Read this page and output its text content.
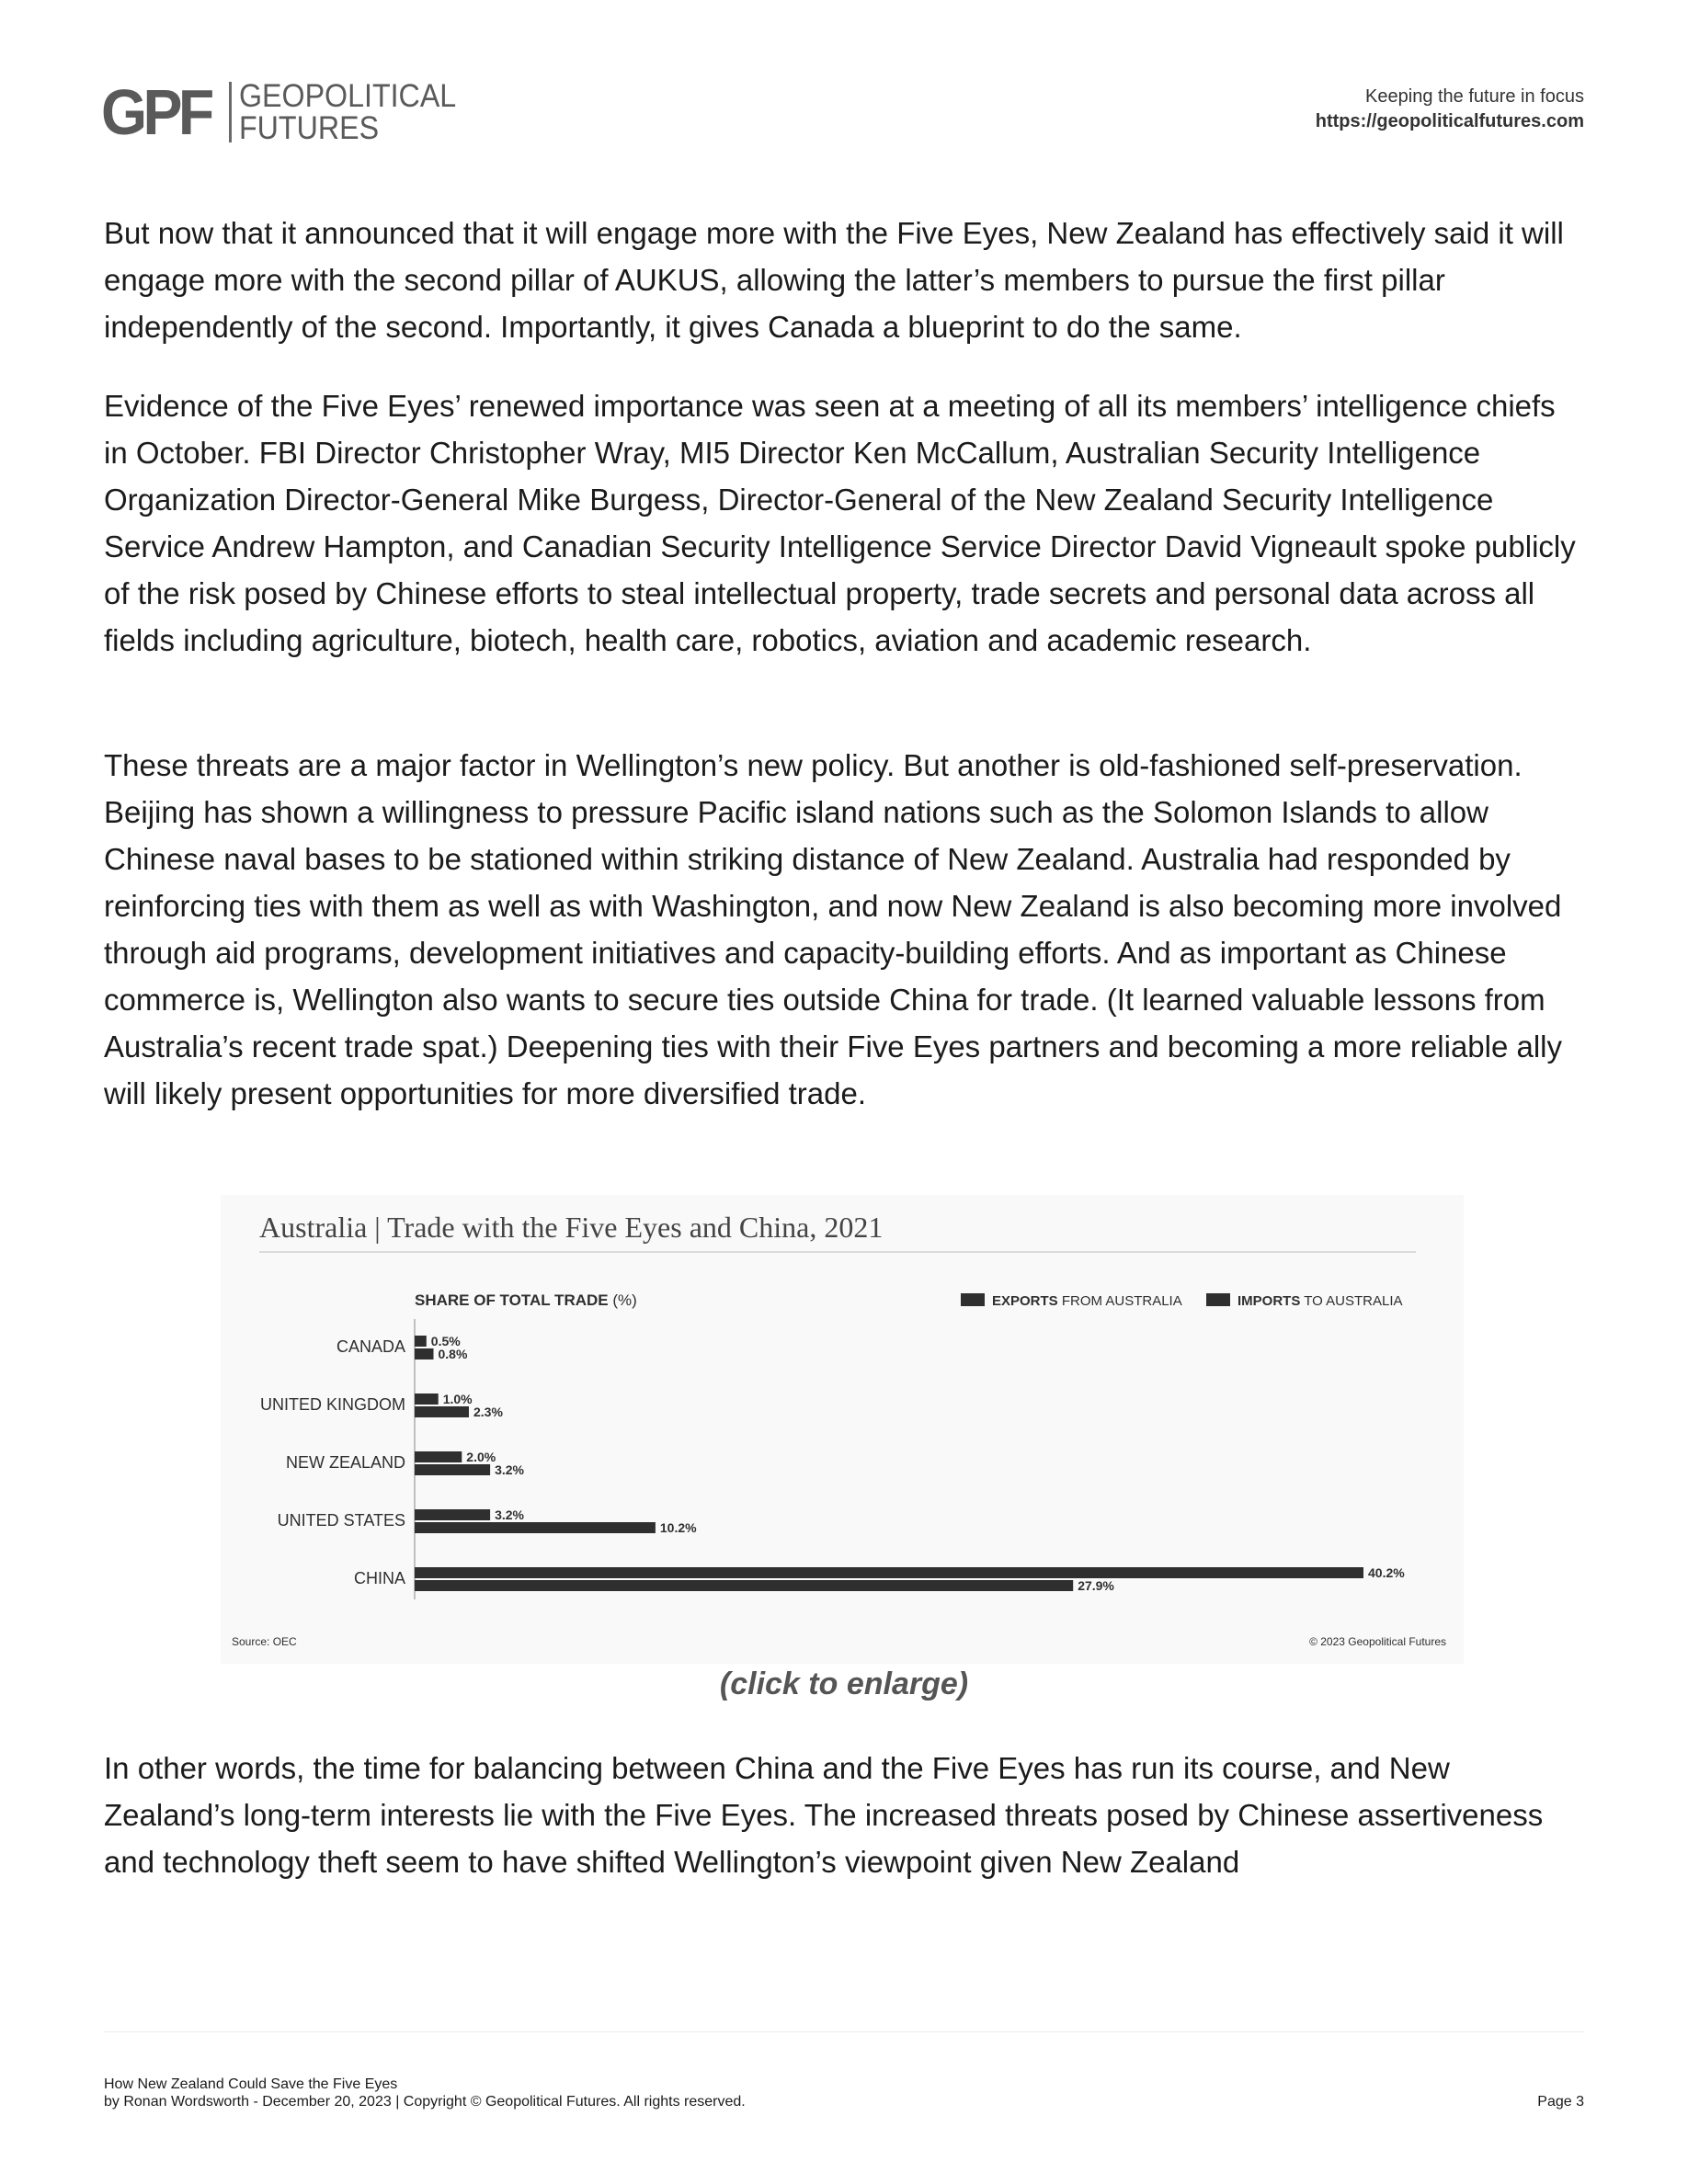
GPF GEOPOLITICAL
FUTURES
Keeping the future in focus
https://geopoliticalfutures.com

But now that it announced that it will engage more with the Five Eyes, New Zealand has effectively said it will engage more with the second pillar of AUKUS, allowing the latter’s members to pursue the first pillar independently of the second. Importantly, it gives Canada a blueprint to do the same.

Evidence of the Five Eyes’ renewed importance was seen at a meeting of all its members’ intelligence chiefs in October. FBI Director Christopher Wray, MI5 Director Ken McCallum, Australian Security Intelligence Organization Director-General Mike Burgess, Director-General of the New Zealand Security Intelligence Service Andrew Hampton, and Canadian Security Intelligence Service Director David Vigneault spoke publicly of the risk posed by Chinese efforts to steal intellectual property, trade secrets and personal data across all fields including agriculture, biotech, health care, robotics, aviation and academic research.

These threats are a major factor in Wellington’s new policy. But another is old-fashioned self-preservation. Beijing has shown a willingness to pressure Pacific island nations such as the Solomon Islands to allow Chinese naval bases to be stationed within striking distance of New Zealand. Australia had responded by reinforcing ties with them as well as with Washington, and now New Zealand is also becoming more involved through aid programs, development initiatives and capacity-building efforts. And as important as Chinese commerce is, Wellington also wants to secure ties outside China for trade. (It learned valuable lessons from Australia’s recent trade spat.) Deepening ties with their Five Eyes partners and becoming a more reliable ally will likely present opportunities for more diversified trade.

Australia | Trade with the Five Eyes and China, 2021
SHARE OF TOTAL TRADE (%)	EXPORTS FROM AUSTRALIA	IMPORTS TO AUSTRALIA
CANADA 0.5%
0.8%
UNITED KINGDOM	1.0%
2.3%
NEW ZEALAND	2.0%
3.2%
UNITED STATES	3.2%
10.2%
CHINA	40.2%
27.9%
Source: OEC	© 2023 Geopolitical Futures
(click to enlarge)

In other words, the time for balancing between China and the Five Eyes has run its course, and New Zealand’s long-term interests lie with the Five Eyes. The increased threats posed by Chinese assertiveness and technology theft seem to have shifted Wellington’s viewpoint given New Zealand

How New Zealand Could Save the Five Eyes
by Ronan Wordsworth - December 20, 2023 | Copyright © Geopolitical Futures. All rights reserved.	Page 3
